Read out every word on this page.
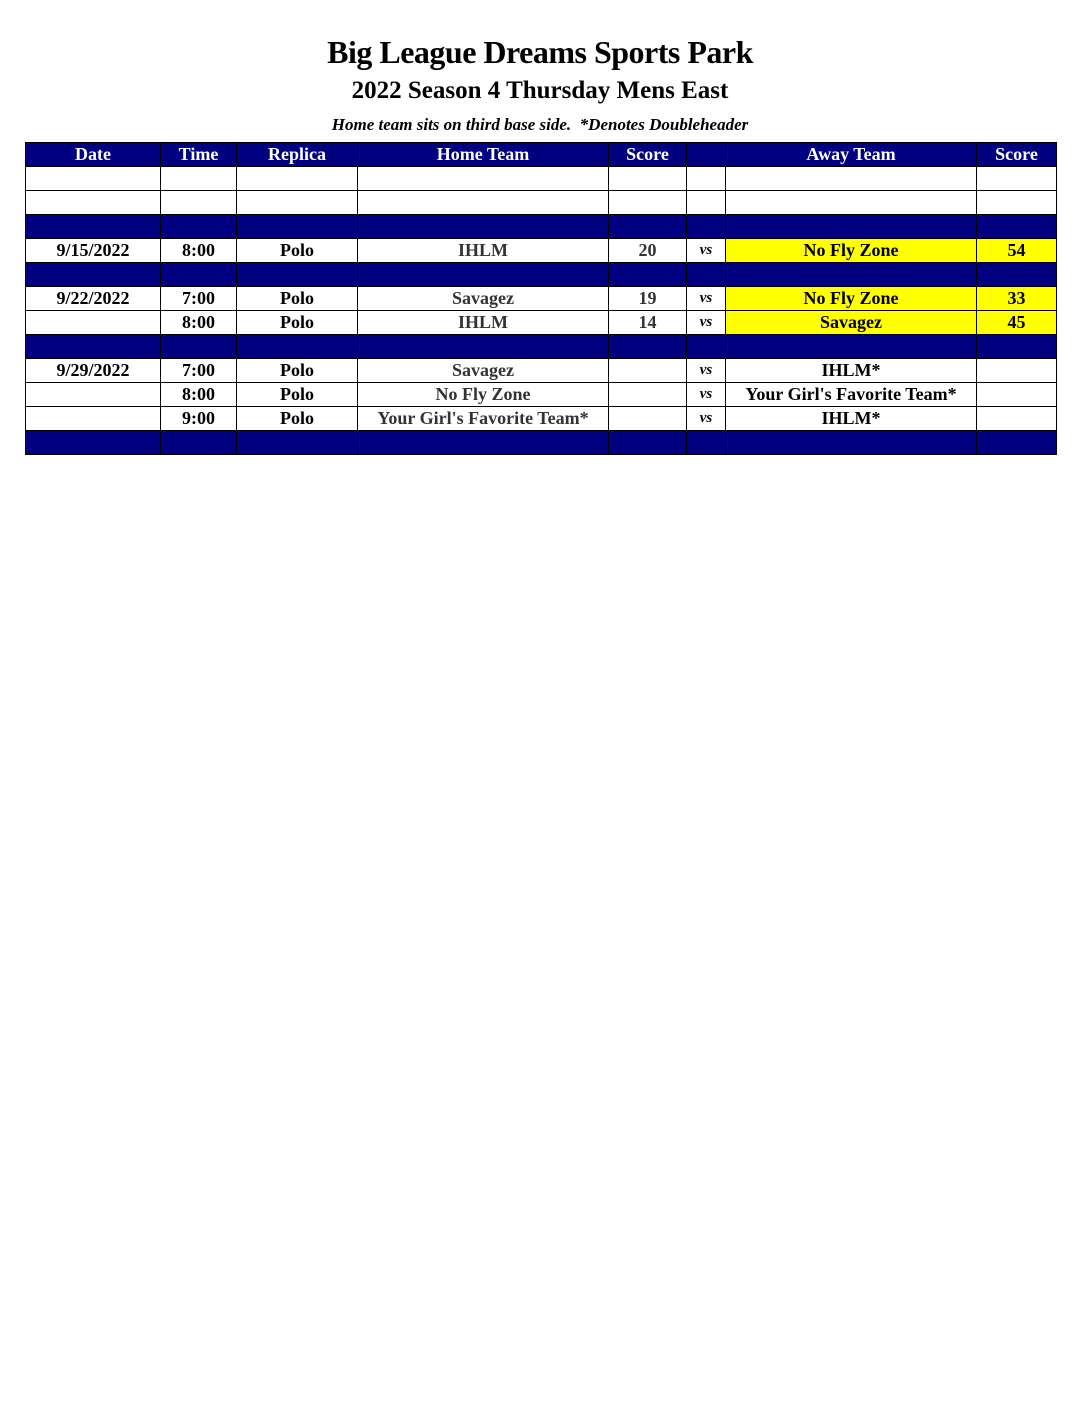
Big League Dreams Sports Park
2022 Season 4 Thursday Mens East
Home team sits on third base side.  *Denotes Doubleheader
Date	Time	Replica	Home Team	Score		Away Team	Score

9/15/2022	8:00	Polo	IHLM	20	vs	No Fly Zone	54

9/22/2022	7:00	Polo	Savagez	19	vs	No Fly Zone	33
	8:00	Polo	IHLM	14	vs	Savagez	45

9/29/2022	7:00	Polo	Savagez		vs	IHLM*	
	8:00	Polo	No Fly Zone		vs	Your Girl's Favorite Team*	
	9:00	Polo	Your Girl's Favorite Team*		vs	IHLM*	
